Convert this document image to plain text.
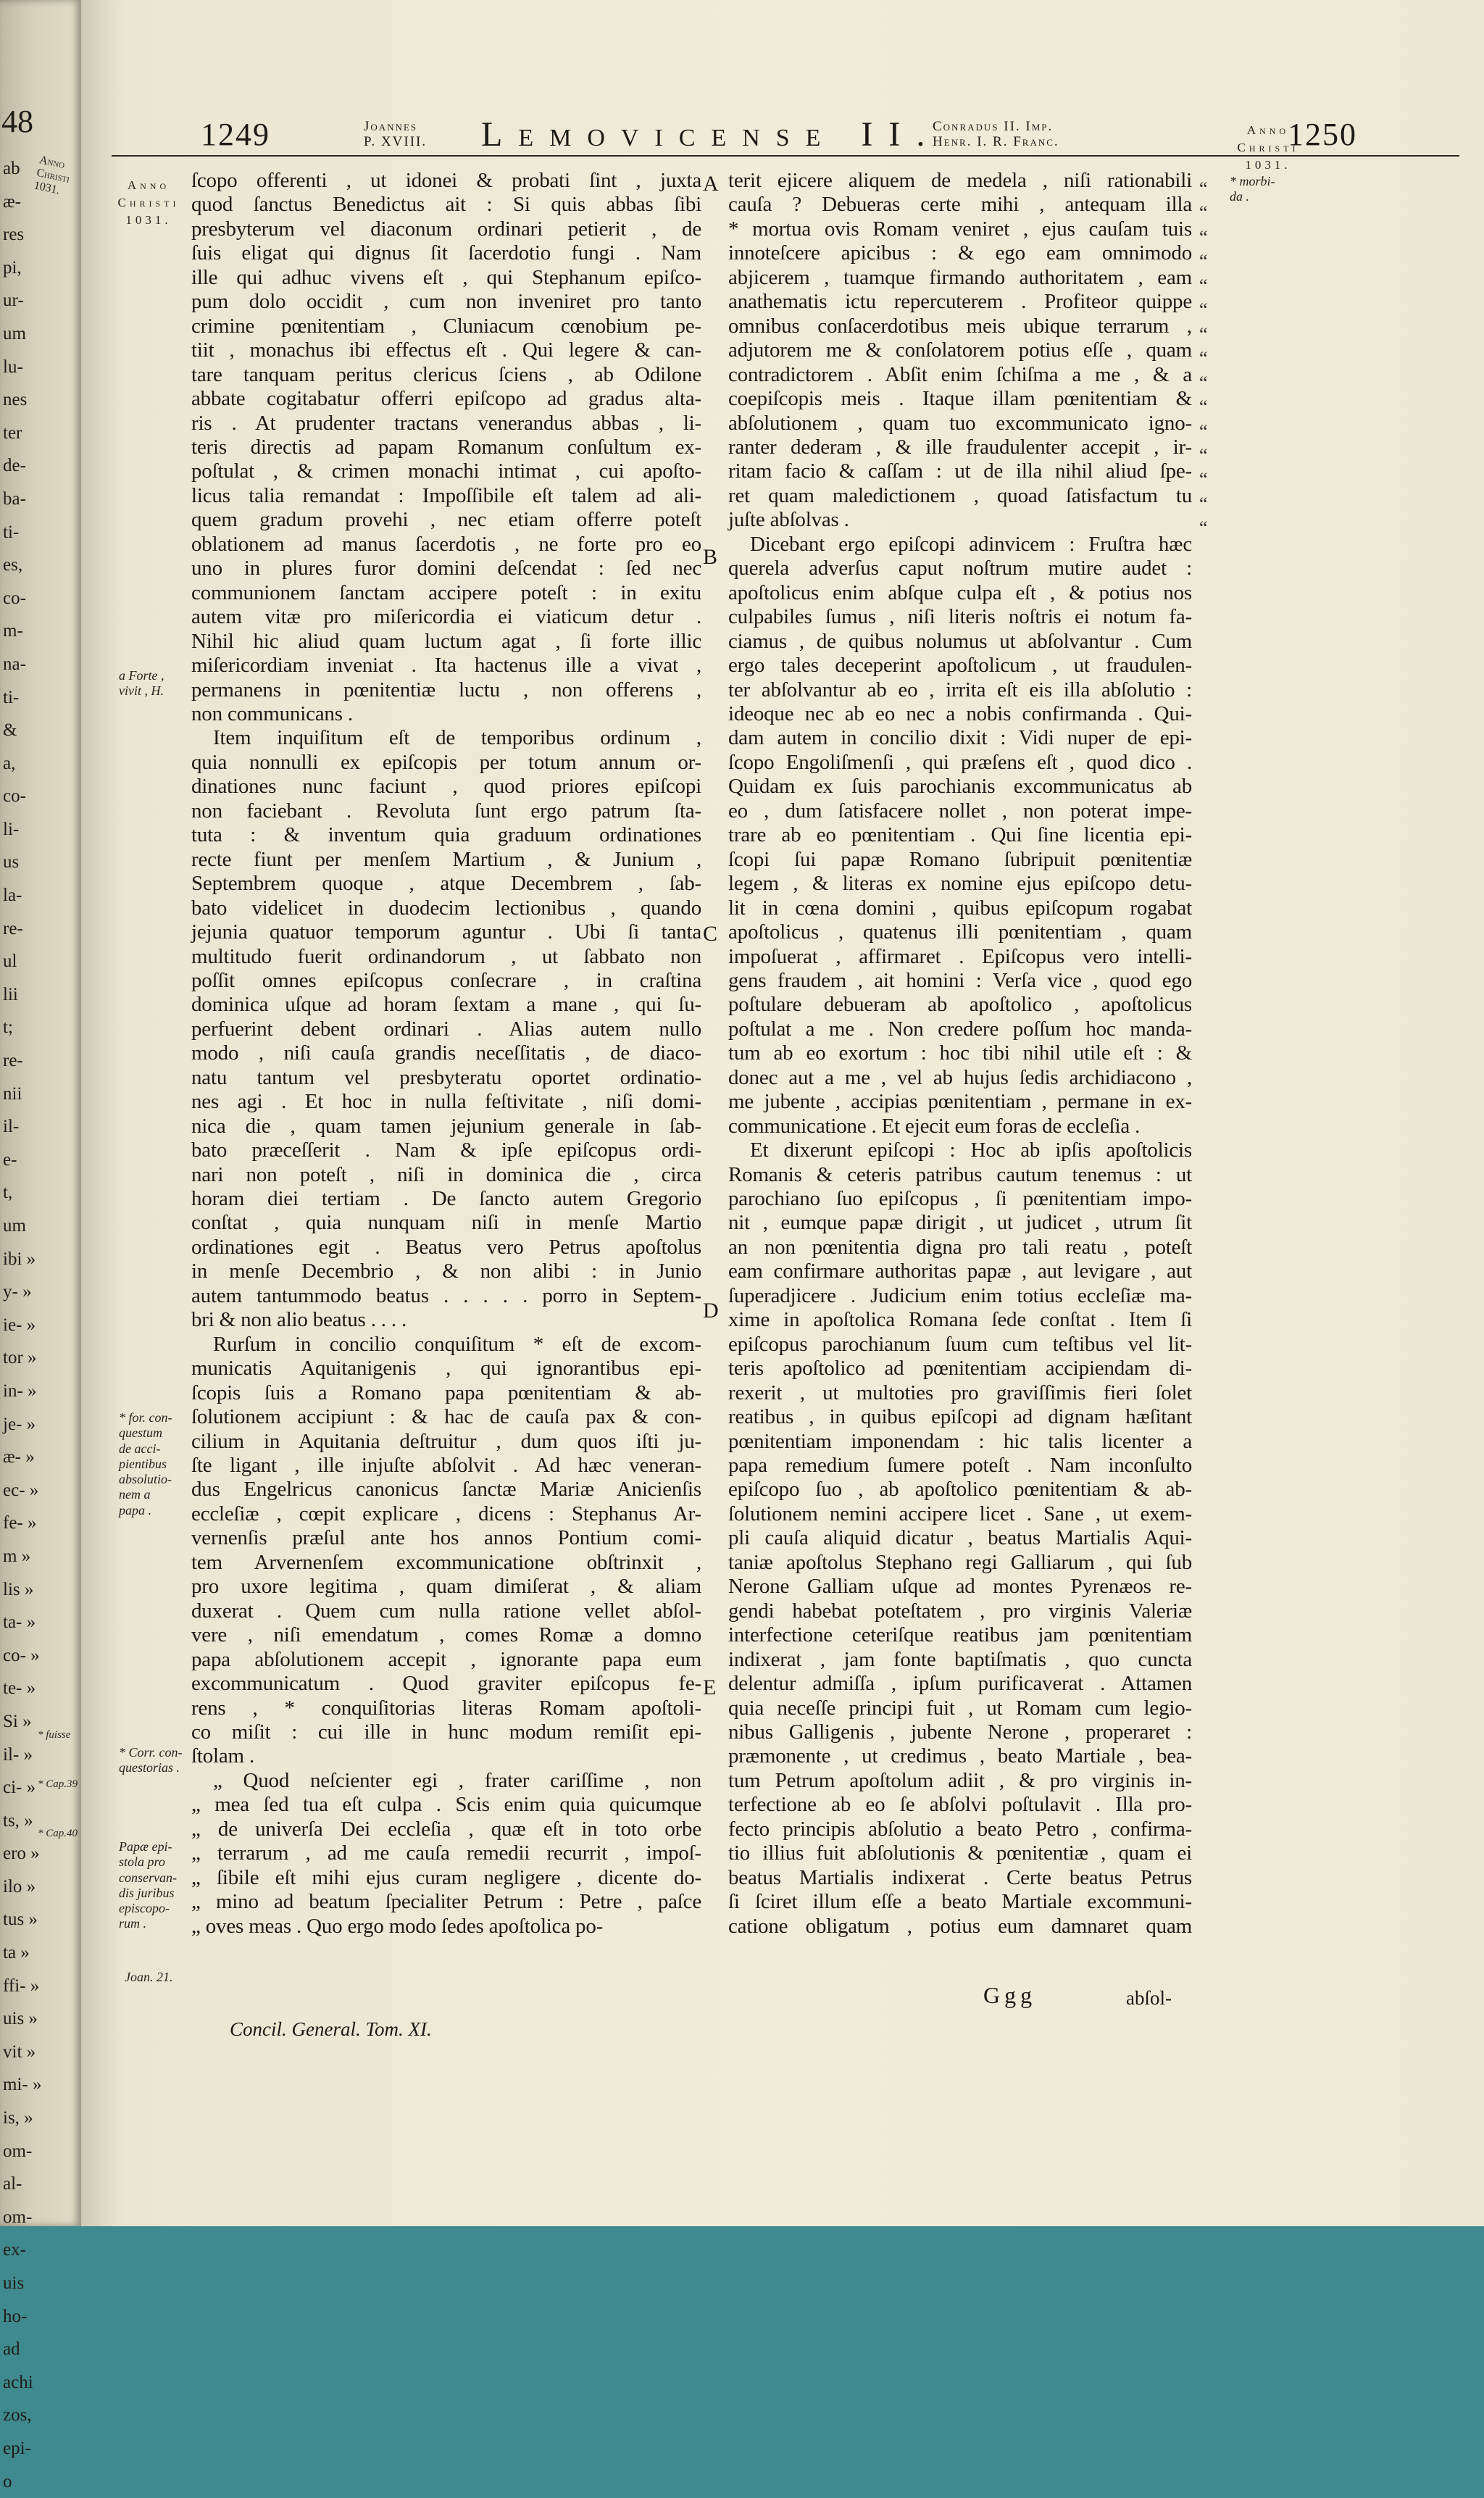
48
Anno Christi 1031.
ab
æ-
res
pi,
ur-
um
lu-
nes
ter
de-
ba-
ti-
es,
co-
m-
na-
ti-
&
a,
co-
li-
us
la-
re-
ul
lii
t;
re-
nii
il-
e-
t,
um
ibi »
y- »
ie- »
tor »
in- »
je- »
æ- »
ec- »
fe- »
m »
lis »
ta- »
co- »
te- »
Si »
il- »
ci- »
ts, »
ero »
ilo »
tus »
ta »
ffi- »
uis »
vit »
mi- »
is, »
om-
al-
om-
ex-
uis
ho-
ad
achi
zos,
epi-
o
* fuisse
* Cap.39
* Cap.40
1249	Joannes
P. XVIII. Lemovicense II.
Conradus II. Imp.
Henr. I. R. Franc.	1250
Anno
Christi
1031.
a Forte ,
vivit , H.
* for. con-
questum
de acci-
pientibus
absolutio-
nem a
papa .
* Corr. con-
questorias .
Papæ epi-
stola pro
conservan-
dis juribus
episcopo-
rum .
Joan. 21.
Anno
Christi
1031.
* morbi-
da .

ſcopo offerenti , ut idonei & probati ſint , juxta

quod ſanctus Benedictus ait : Si quis abbas ſibi

presbyterum vel diaconum ordinari petierit , de

ſuis eligat qui dignus ſit ſacerdotio fungi . Nam

ille qui adhuc vivens eſt , qui Stephanum epiſco-

pum dolo occidit , cum non inveniret pro tanto

crimine pœnitentiam , Cluniacum cœnobium pe-

tiit , monachus ibi effectus eſt . Qui legere & can-

tare tanquam peritus clericus ſciens , ab Odilone

abbate cogitabatur offerri epiſcopo ad gradus alta-

ris . At prudenter tractans venerandus abbas , li-

teris directis ad papam Romanum conſultum ex-

poſtulat , & crimen monachi intimat , cui apoſto-

licus talia remandat : Impoſſibile eſt talem ad ali-

quem gradum provehi , nec etiam offerre poteſt

oblationem ad manus ſacerdotis , ne forte pro eo

uno in plures furor domini deſcendat : ſed nec

communionem ſanctam accipere poteſt : in exitu

autem vitæ pro miſericordia ei viaticum detur .

Nihil hic aliud quam luctum agat , ſi forte illic

miſericordiam inveniat . Ita hactenus ille a vivat ,

permanens in pœnitentiæ luctu , non offerens ,

non communicans .

Item inquiſitum eſt de temporibus ordinum ,

quia nonnulli ex epiſcopis per totum annum or-

dinationes nunc faciunt , quod priores epiſcopi

non faciebant . Revoluta ſunt ergo patrum ſta-

tuta : & inventum quia graduum ordinationes

recte fiunt per menſem Martium , & Junium ,

Septembrem quoque , atque Decembrem , ſab-

bato videlicet in duodecim lectionibus , quando

jejunia quatuor temporum aguntur . Ubi ſi tanta

multitudo fuerit ordinandorum , ut ſabbato non

poſſit omnes epiſcopus conſecrare , in craſtina

dominica uſque ad horam ſextam a mane , qui ſu-

perfuerint debent ordinari . Alias autem nullo

modo , niſi cauſa grandis neceſſitatis , de diaco-

natu tantum vel presbyteratu oportet ordinatio-

nes agi . Et hoc in nulla feſtivitate , niſi domi-

nica die , quam tamen jejunium generale in ſab-

bato præceſſerit . Nam & ipſe epiſcopus ordi-

nari non poteſt , niſi in dominica die , circa

horam diei tertiam . De ſancto autem Gregorio

conſtat , quia nunquam niſi in menſe Martio

ordinationes egit . Beatus vero Petrus apoſtolus

in menſe Decembrio , & non alibi : in Junio

autem tantummodo beatus . . . . . porro in Septem-

bri & non alio beatus . . . .

Rurſum in concilio conquiſitum * eſt de excom-

municatis Aquitanigenis , qui ignorantibus epi-

ſcopis ſuis a Romano papa pœnitentiam & ab-

ſolutionem accipiunt : & hac de cauſa pax & con-

cilium in Aquitania deſtruitur , dum quos iſti ju-

ſte ligant , ille injuſte abſolvit . Ad hæc veneran-

dus Engelricus canonicus ſanctæ Mariæ Anicienſis

eccleſiæ , cœpit explicare , dicens : Stephanus Ar-

vernenſis præſul ante hos annos Pontium comi-

tem Arvernenſem excommunicatione obſtrinxit ,

pro uxore legitima , quam dimiſerat , & aliam

duxerat . Quem cum nulla ratione vellet abſol-

vere , niſi emendatum , comes Romæ a domno

papa abſolutionem accepit , ignorante papa eum

excommunicatum . Quod graviter epiſcopus fe-

rens , * conquiſitorias literas Romam apoſtoli-

co miſit : cui ille in hunc modum remiſit epi-

ſtolam .

„ Quod neſcienter egi , frater cariſſime , non

„ mea ſed tua eſt culpa . Scis enim quia quicumque

„ de univerſa Dei eccleſia , quæ eſt in toto orbe

„ terrarum , ad me cauſa remedii recurrit , impoſ-

„ ſibile eſt mihi ejus curam negligere , dicente do-

„ mino ad beatum ſpecialiter Petrum : Petre , paſce

„ oves meas . Quo ergo modo ſedes apoſtolica po-

terit ejicere aliquem de medela , niſi rationabili

cauſa ? Debueras certe mihi , antequam illa

* mortua ovis Romam veniret , ejus cauſam tuis

innoteſcere apicibus : & ego eam omnimodo

abjicerem , tuamque firmando authoritatem , eam

anathematis ictu repercuterem . Profiteor quippe

omnibus conſacerdotibus meis ubique terrarum ,

adjutorem me & conſolatorem potius eſſe , quam

contradictorem . Abſit enim ſchiſma a me , & a

coepiſcopis meis . Itaque illam pœnitentiam &

abſolutionem , quam tuo excommunicato igno-

ranter dederam , & ille fraudulenter accepit , ir-

ritam facio & caſſam : ut de illa nihil aliud ſpe-

ret quam maledictionem , quoad ſatisfactum tu

juſte abſolvas .

Dicebant ergo epiſcopi adinvicem : Fruſtra hæc

querela adverſus caput noſtrum mutire audet :

apoſtolicus enim abſque culpa eſt , & potius nos

culpabiles ſumus , niſi literis noſtris ei notum fa-

ciamus , de quibus nolumus ut abſolvantur . Cum

ergo tales deceperint apoſtolicum , ut fraudulen-

ter abſolvantur ab eo , irrita eſt eis illa abſolutio :

ideoque nec ab eo nec a nobis confirmanda . Qui-

dam autem in concilio dixit : Vidi nuper de epi-

ſcopo Engoliſmenſi , qui præſens eſt , quod dico .

Quidam ex ſuis parochianis excommunicatus ab

eo , dum ſatisfacere nollet , non poterat impe-

trare ab eo pœnitentiam . Qui ſine licentia epi-

ſcopi ſui papæ Romano ſubripuit pœnitentiæ

legem , & literas ex nomine ejus epiſcopo detu-

lit in cœna domini , quibus epiſcopum rogabat

apoſtolicus , quatenus illi pœnitentiam , quam

impoſuerat , affirmaret . Epiſcopus vero intelli-

gens fraudem , ait homini : Verſa vice , quod ego

poſtulare debueram ab apoſtolico , apoſtolicus

poſtulat a me . Non credere poſſum hoc manda-

tum ab eo exortum : hoc tibi nihil utile eſt : &

donec aut a me , vel ab hujus ſedis archidiacono ,

me jubente , accipias pœnitentiam , permane in ex-

communicatione . Et ejecit eum foras de eccleſia .

Et dixerunt epiſcopi : Hoc ab ipſis apoſtolicis

Romanis & ceteris patribus cautum tenemus : ut

parochiano ſuo epiſcopus , ſi pœnitentiam impo-

nit , eumque papæ dirigit , ut judicet , utrum ſit

an non pœnitentia digna pro tali reatu , poteſt

eam confirmare authoritas papæ , aut levigare , aut

ſuperadjicere . Judicium enim totius eccleſiæ ma-

xime in apoſtolica Romana ſede conſtat . Item ſi

epiſcopus parochianum ſuum cum teſtibus vel lit-

teris apoſtolico ad pœnitentiam accipiendam di-

rexerit , ut multoties pro graviſſimis fieri ſolet

reatibus , in quibus epiſcopi ad dignam hæſitant

pœnitentiam imponendam : hic talis licenter a

papa remedium ſumere poteſt . Nam inconſulto

epiſcopo ſuo , ab apoſtolico pœnitentiam & ab-

ſolutionem nemini accipere licet . Sane , ut exem-

pli cauſa aliquid dicatur , beatus Martialis Aqui-

taniæ apoſtolus Stephano regi Galliarum , qui ſub

Nerone Galliam uſque ad montes Pyrenæos re-

gendi habebat poteſtatem , pro virginis Valeriæ

interfectione ceteriſque reatibus jam pœnitentiam

indixerat , jam fonte baptiſmatis , quo cuncta

delentur admiſſa , ipſum purificaverat . Attamen

quia neceſſe principi fuit , ut Romam cum legio-

nibus Galligenis , jubente Nerone , properaret :

præmonente , ut credimus , beato Martiale , bea-

tum Petrum apoſtolum adiit , & pro virginis in-

terfectione ab eo ſe abſolvi poſtulavit . Illa pro-

fecto principis abſolutio a beato Petro , confirma-

tio illius fuit abſolutionis & pœnitentiæ , quam ei

beatus Martialis indixerat . Certe beatus Petrus

ſi ſciret illum eſſe a beato Martiale excommuni-

catione obligatum , potius eum damnaret quam

A
B
C
D
E
“
“
“
“
“
“
“
“
“
“
“
“
“
“
“
Concil. General. Tom. XI.
Ggg	abſol-
